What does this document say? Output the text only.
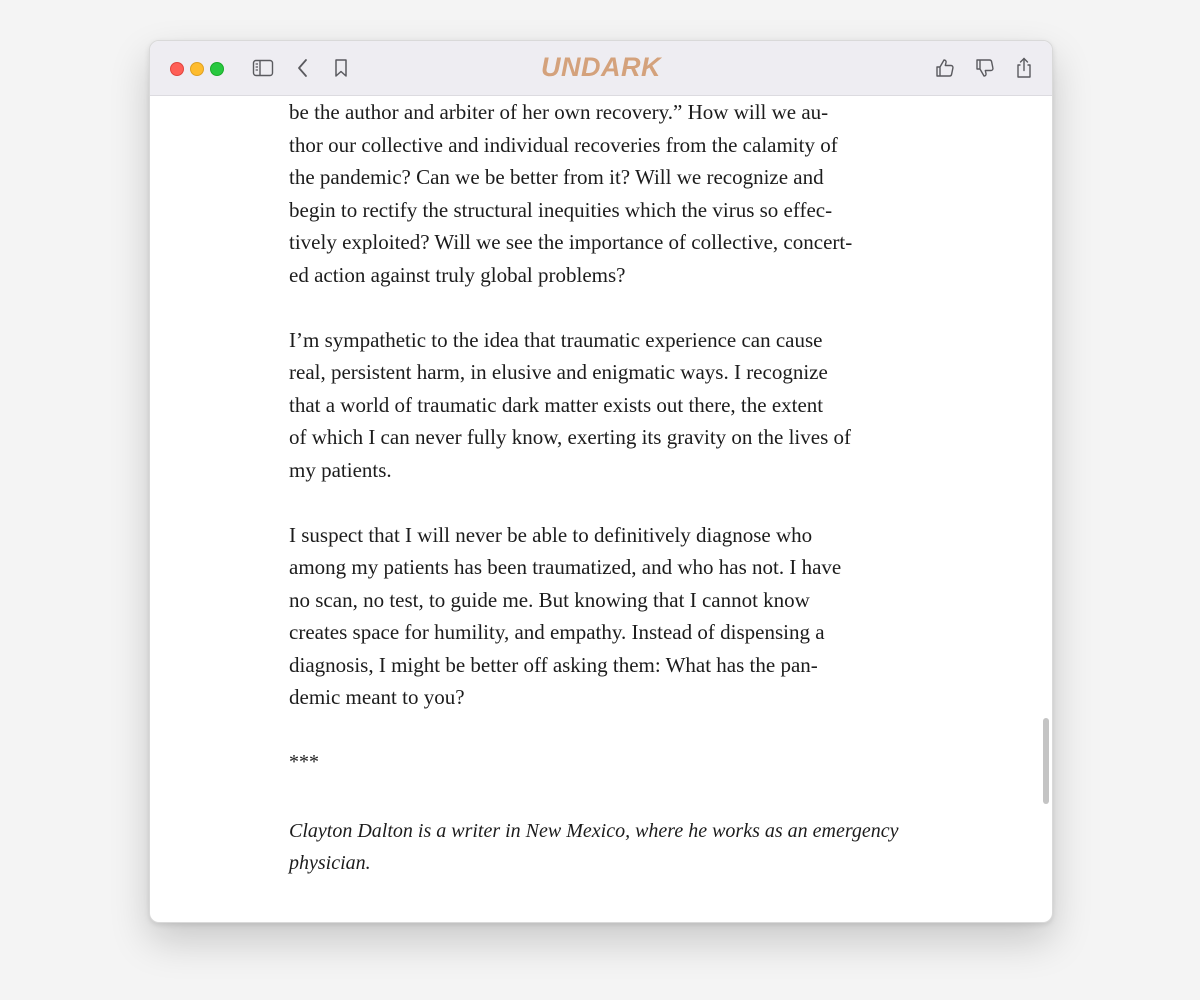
UNDARK

be the author and arbiter of her own recovery.” How will we au-
thor our collective and individual recoveries from the calamity of
the pandemic? Can we be better from it? Will we recognize and
begin to rectify the structural inequities which the virus so effec-
tively exploited? Will we see the importance of collective, concert-
ed action against truly global problems?

I’m sympathetic to the idea that traumatic experience can cause
real, persistent harm, in elusive and enigmatic ways. I recognize
that a world of traumatic dark matter exists out there, the extent
of which I can never fully know, exerting its gravity on the lives of
my patients.

I suspect that I will never be able to definitively diagnose who
among my patients has been traumatized, and who has not. I have
no scan, no test, to guide me. But knowing that I cannot know
creates space for humility, and empathy. Instead of dispensing a
diagnosis, I might be better off asking them: What has the pan-
demic meant to you?

***

Clayton Dalton is a writer in New Mexico, where he works as an emergency
physician.
